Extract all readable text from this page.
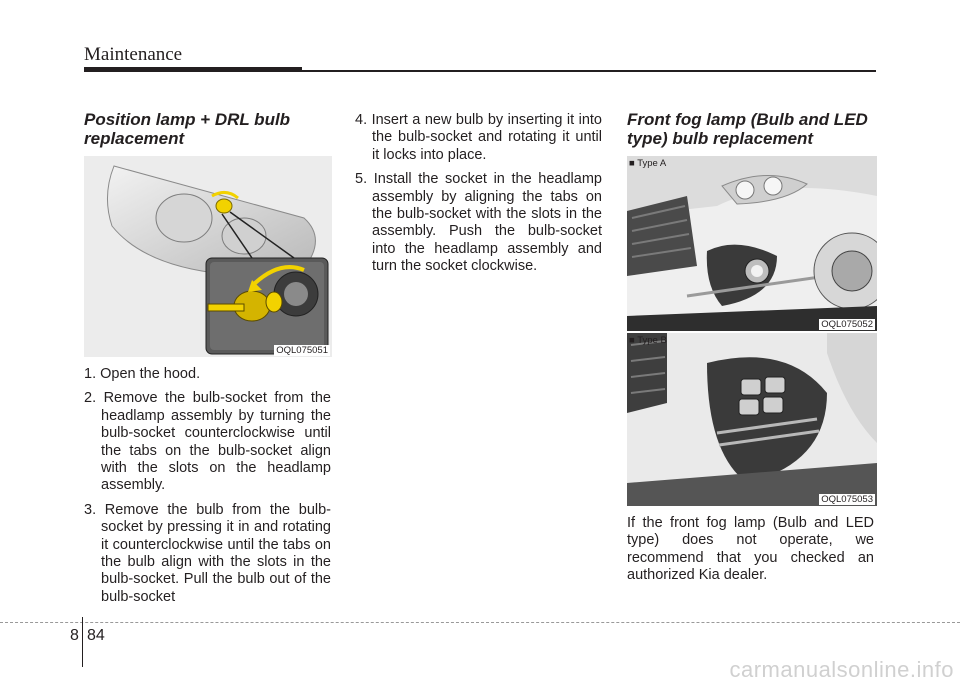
Maintenance
Position lamp + DRL bulb replacement
OQL075051

1. Open the hood.

2. Remove the bulb-socket from the headlamp assembly by turning the bulb-socket counterclockwise until the tabs on the bulb-socket align with the slots on the headlamp assembly.

3. Remove the bulb from the bulb-socket by pressing it in and rotating it counterclockwise until the tabs on the bulb align with the slots in the bulb-socket. Pull the bulb out of the bulb-socket

4. Insert a new bulb by inserting it into the bulb-socket and rotating it until it locks into place.

5. Install the socket in the headlamp assembly by aligning the tabs on the bulb-socket with the slots in the assembly. Push the bulb-socket into the headlamp assembly and turn the socket clockwise.

Front fog lamp (Bulb and LED type) bulb replacement
■ Type A
OQL075052
■ Type B
OQL075053

If the front fog lamp (Bulb and LED type) does not operate, we recommend that you checked an authorized Kia dealer.

8 84
carmanualsonline.info
